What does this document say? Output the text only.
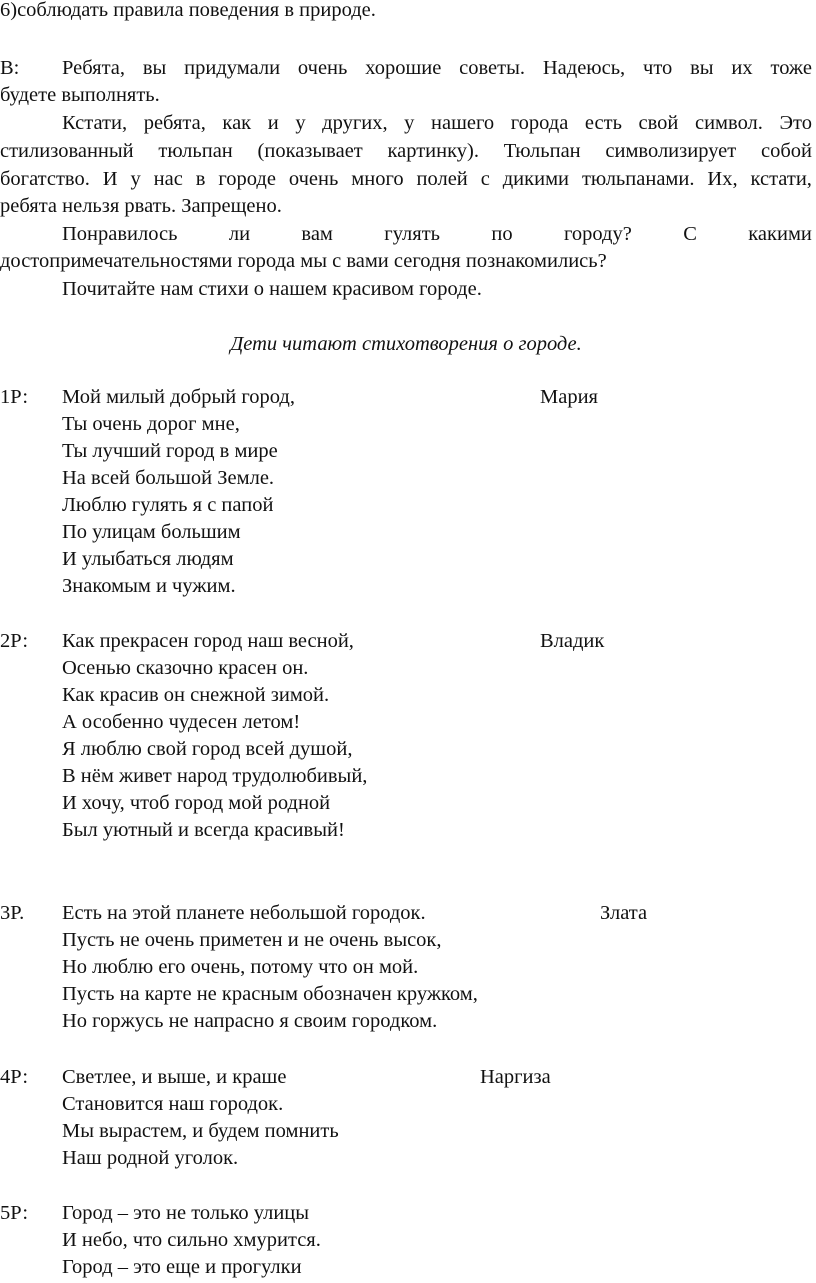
6)соблюдать правила поведения в природе.
В: Ребята, вы придумали очень хорошие советы. Надеюсь, что вы их тоже
будете выполнять.
Кстати, ребята, как и у других, у нашего города есть свой символ. Это
стилизованный тюльпан (показывает картинку). Тюльпан символизирует собой
богатство. И у нас в городе очень много полей с дикими тюльпанами. Их, кстати,
ребята нельзя рвать. Запрещено.
Понравилось	ли	вам	гулять	по	городу?	С	какими
достопримечательностями города мы с вами сегодня познакомились?
Почитайте нам стихи о нашем красивом городе.
Дети читают стихотворения о городе.
1Р:	Мария
Мой милый добрый город,
Ты очень дорог мне,
Ты лучший город в мире
На всей большой Земле.
Люблю гулять я с папой
По улицам большим
И улыбаться людям
Знакомым и чужим.
2Р:	Владик
Как прекрасен город наш весной,
Осенью сказочно красен он.
Как красив он снежной зимой.
А особенно чудесен летом!
Я люблю свой город всей душой,
В нём живет народ трудолюбивый,
И хочу, чтоб город мой родной
Был уютный и всегда красивый!
3Р.	Злата
Есть на этой планете небольшой городок.
Пусть не очень приметен и не очень высок,
Но люблю его очень, потому что он мой.
Пусть на карте не красным обозначен кружком,
Но горжусь не напрасно я своим городком.
4Р:	Наргиза
Светлее, и выше, и краше
Становится наш городок.
Мы вырастем, и будем помнить
Наш родной уголок.
5Р: Город – это не только улицы
И небо, что сильно хмурится.
Город – это еще и прогулки
